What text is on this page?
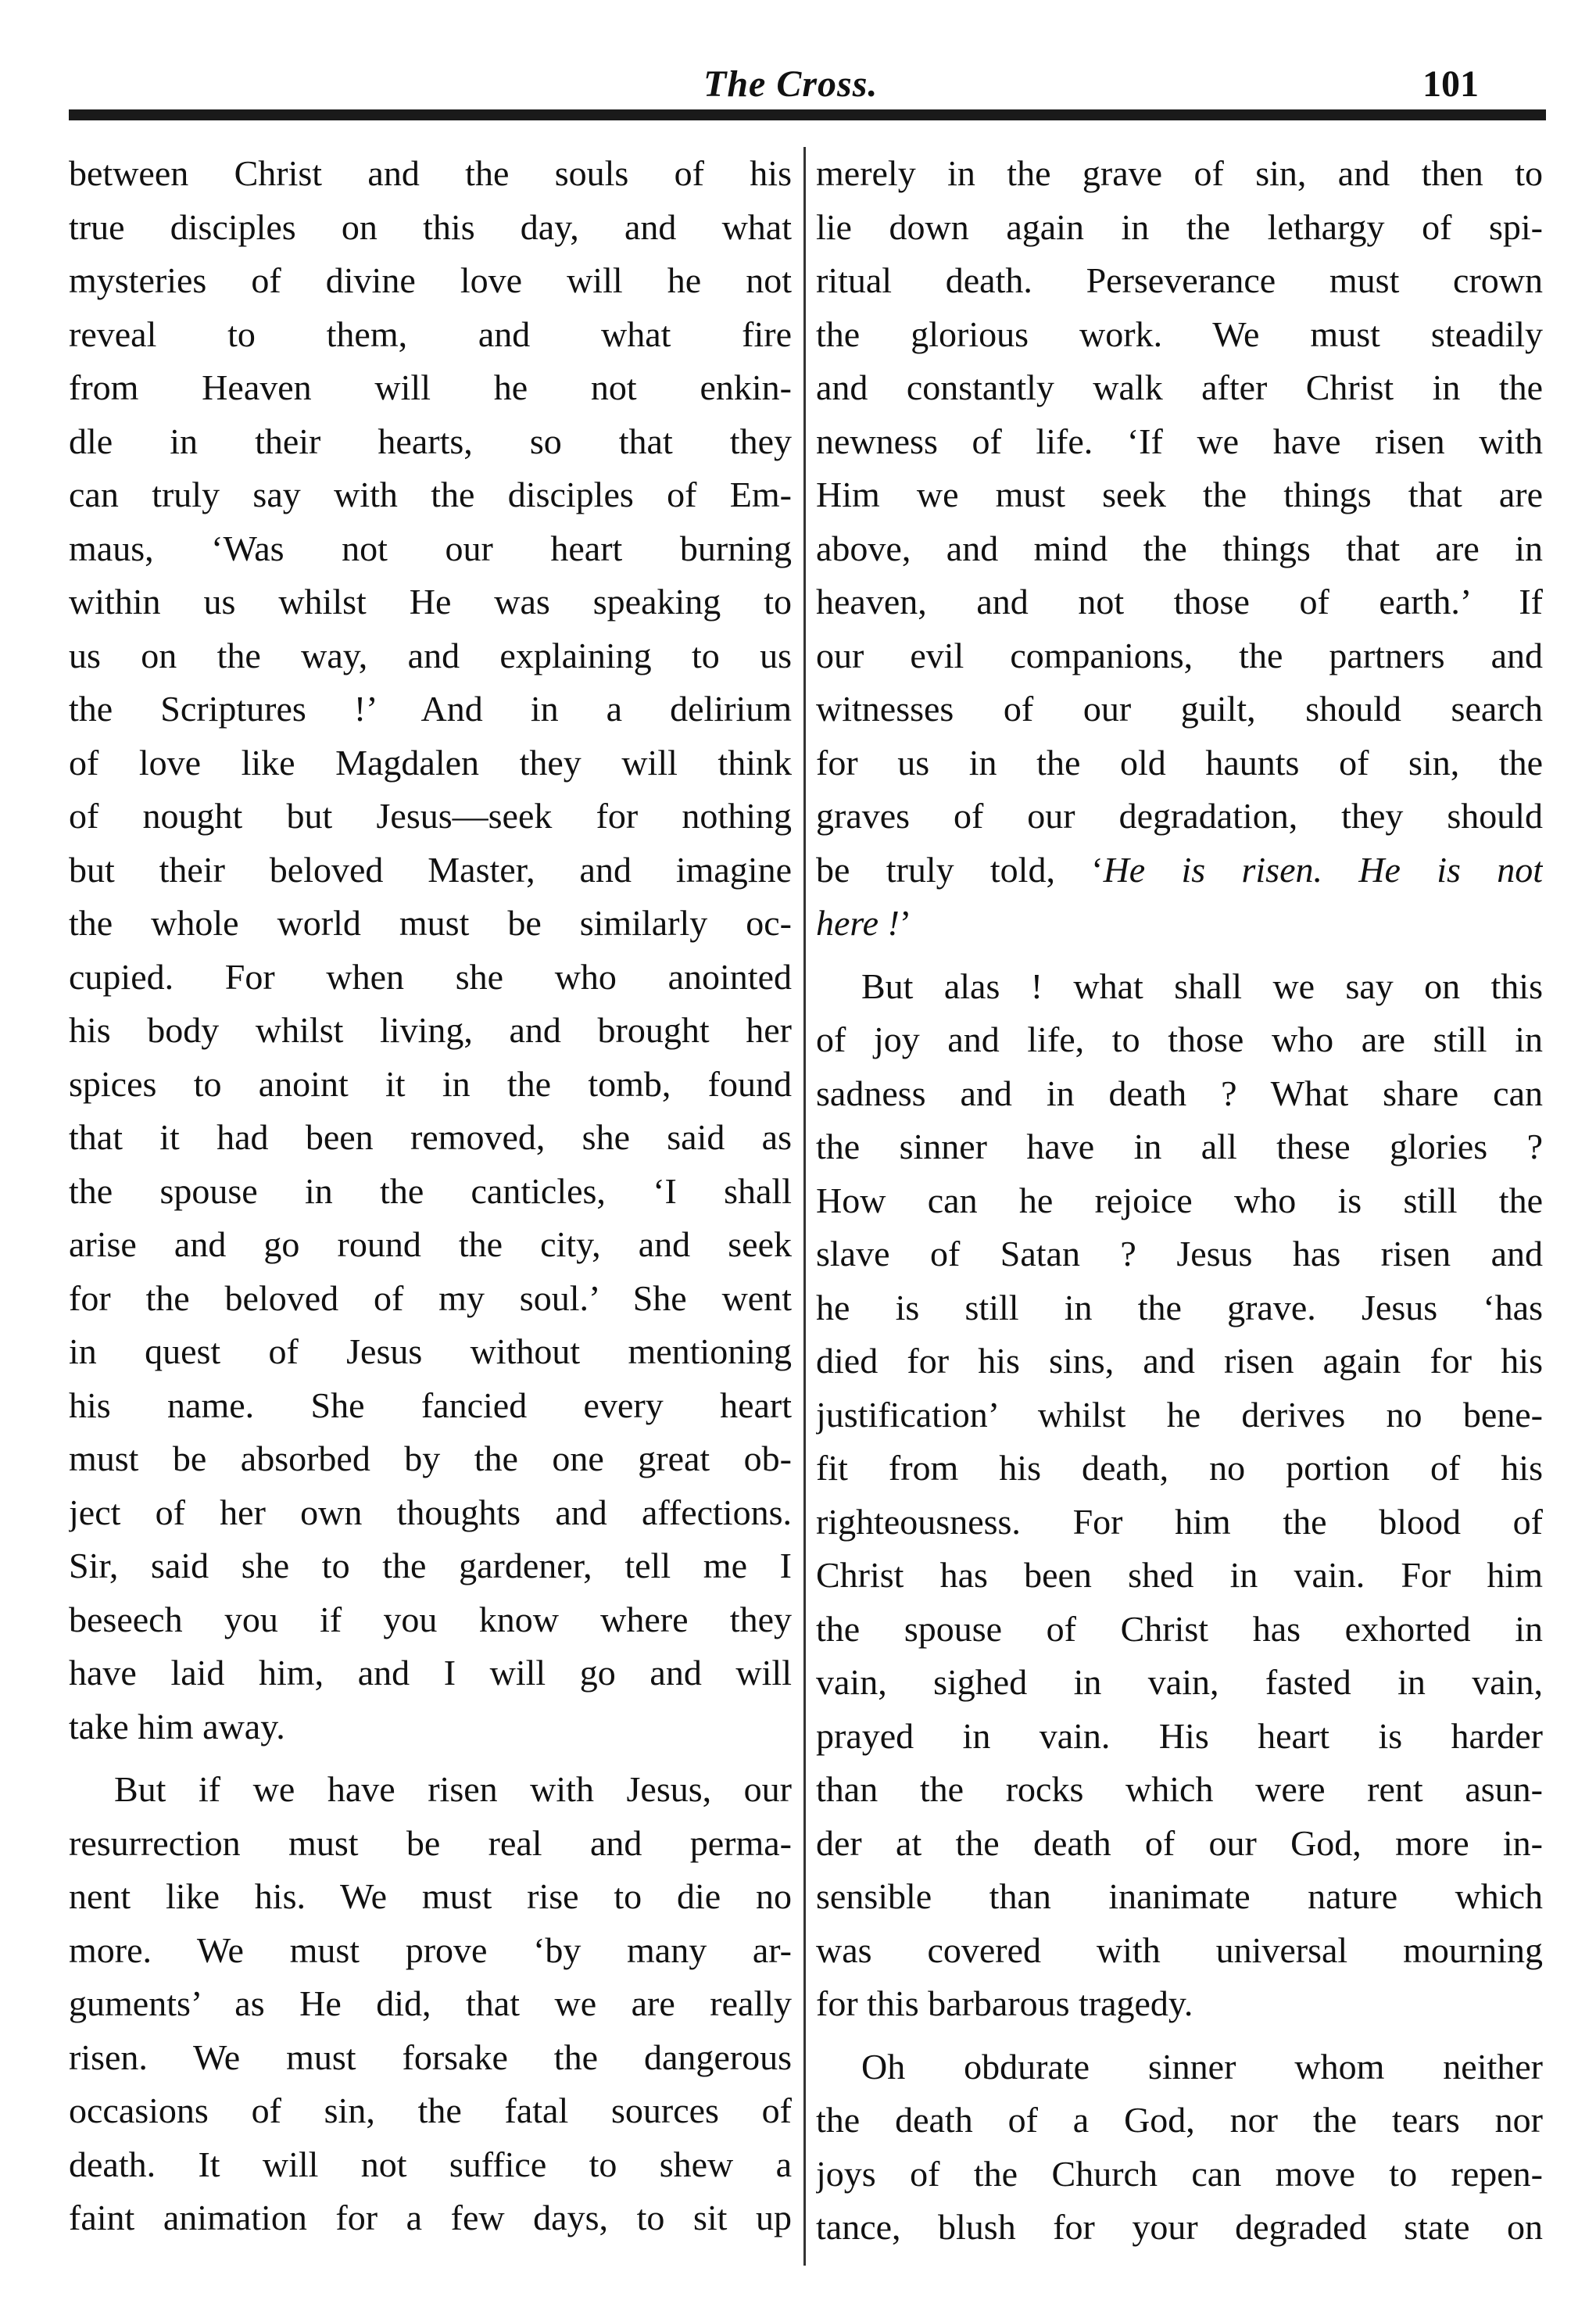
The Cross.	101
between Christ and the souls of his
true disciples on this day, and what
mysteries of divine love will he not
reveal to them, and what fire
from Heaven will he not enkin-
dle in their hearts, so that they
can truly say with the disciples of Em-
maus, ‘Was not our heart burning
within us whilst He was speaking to
us on the way, and explaining to us
the Scriptures !’ And in a delirium
of love like Magdalen they will think
of nought but Jesus—seek for nothing
but their beloved Master, and imagine
the whole world must be similarly oc-
cupied. For when she who anointed
his body whilst living, and brought her
spices to anoint it in the tomb, found
that it had been removed, she said as
the spouse in the canticles, ‘I shall
arise and go round the city, and seek
for the beloved of my soul.’ She went
in quest of Jesus without mentioning
his name. She fancied every heart
must be absorbed by the one great ob-
ject of her own thoughts and affections.
Sir, said she to the gardener, tell me I
beseech you if you know where they
have laid him, and I will go and will
take him away.
But if we have risen with Jesus, our
resurrection must be real and perma-
nent like his. We must rise to die no
more. We must prove ‘by many ar-
guments’ as He did, that we are really
risen. We must forsake the dangerous
occasions of sin, the fatal sources of
death. It will not suffice to shew a
faint animation for a few days, to sit up
merely in the grave of sin, and then to
lie down again in the lethargy of spi-
ritual death. Perseverance must crown
the glorious work. We must steadily
and constantly walk after Christ in the
newness of life. ‘If we have risen with
Him we must seek the things that are
above, and mind the things that are in
heaven, and not those of earth.’ If
our evil companions, the partners and
witnesses of our guilt, should search
for us in the old haunts of sin, the
graves of our degradation, they should
be truly told, ‘He is risen. He is not
here !’
But alas ! what shall we say on this
of joy and life, to those who are still in
sadness and in death ? What share can
the sinner have in all these glories ?
How can he rejoice who is still the
slave of Satan ? Jesus has risen and
he is still in the grave. Jesus ‘has
died for his sins, and risen again for his
justification’ whilst he derives no bene-
fit from his death, no portion of his
righteousness. For him the blood of
Christ has been shed in vain. For him
the spouse of Christ has exhorted in
vain, sighed in vain, fasted in vain,
prayed in vain. His heart is harder
than the rocks which were rent asun-
der at the death of our God, more in-
sensible than inanimate nature which
was covered with universal mourning
for this barbarous tragedy.
Oh obdurate sinner whom neither
the death of a God, nor the tears nor
joys of the Church can move to repen-
tance, blush for your degraded state on
